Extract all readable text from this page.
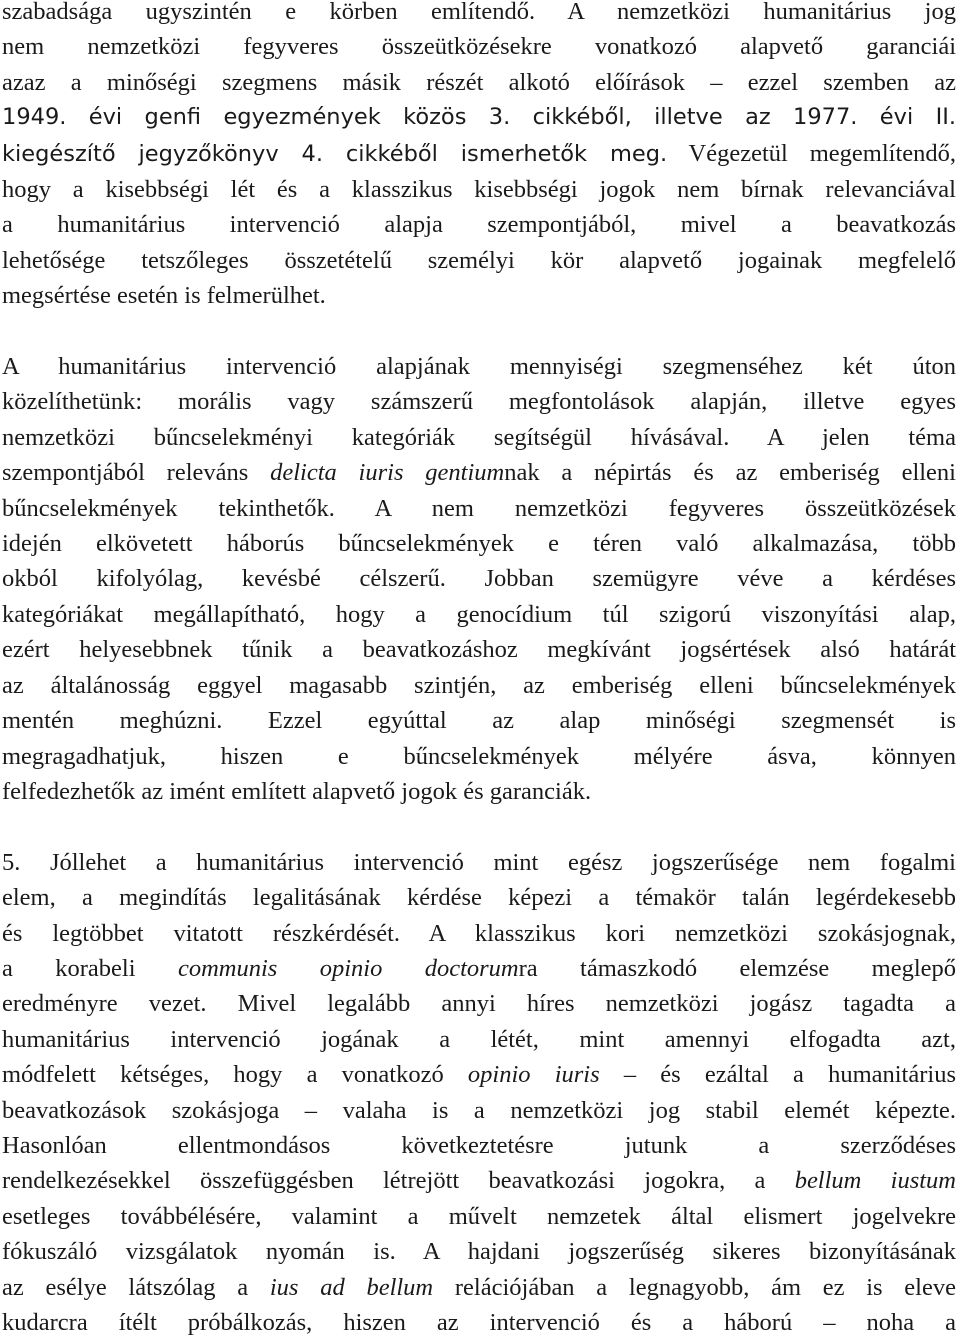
szabadsága ugyszintén e körben említendő. A nemzetközi humanitárius jog
nem nemzetközi fegyveres összeütközésekre vonatkozó alapvető garanciái
azaz a minőségi szegmens másik részét alkotó előírások – ezzel szemben az
1949. évi genfi egyezmények közös 3. cikkéből, illetve az 1977. évi II.
kiegészítő jegyzőkönyv 4. cikkéből ismerhetők meg. Végezetül megemlítendő,
hogy a kisebbségi lét és a klasszikus kisebbségi jogok nem bírnak relevanciával
a humanitárius intervenció alapja szempontjából, mivel a beavatkozás
lehetősége tetszőleges összetételű személyi kör alapvető jogainak megfelelő
megsértése esetén is felmerülhet.
A humanitárius intervenció alapjának mennyiségi szegmenséhez két úton
közelíthetünk: morális vagy számszerű megfontolások alapján, illetve egyes
nemzetközi bűncselekményi kategóriák segítségül hívásával. A jelen téma
szempontjából releváns delicta iuris gentiumnak a népirtás és az emberiség elleni
bűncselekmények tekinthetők. A nem nemzetközi fegyveres összeütközések
idején elkövetett háborús bűncselekmények e téren való alkalmazása, több
okból kifolyólag, kevésbé célszerű. Jobban szemügyre véve a kérdéses
kategóriákat megállapítható, hogy a genocídium túl szigorú viszonyítási alap,
ezért helyesebbnek tűnik a beavatkozáshoz megkívánt jogsértések alsó határát
az általánosság eggyel magasabb szintjén, az emberiség elleni bűncselekmények
mentén meghúzni. Ezzel egyúttal az alap minőségi szegmensét is
megragadhatjuk, hiszen e bűncselekmények mélyére ásva, könnyen
felfedezhetők az imént említett alapvető jogok és garanciák.
5. Jóllehet a humanitárius intervenció mint egész jogszerűsége nem fogalmi
elem, a megindítás legalitásának kérdése képezi a témakör talán legérdekesebb
és legtöbbet vitatott részkérdését. A klasszikus kori nemzetközi szokásjognak,
a korabeli communis opinio doctorumra támaszkodó elemzése meglepő
eredményre vezet. Mivel legalább annyi híres nemzetközi jogász tagadta a
humanitárius intervenció jogának a létét, mint amennyi elfogadta azt,
módfelett kétséges, hogy a vonatkozó opinio iuris – és ezáltal a humanitárius
beavatkozások szokásjoga – valaha is a nemzetközi jog stabil elemét képezte.
Hasonlóan ellentmondásos következtetésre jutunk a szerződéses
rendelkezésekkel összefüggésben létrejött beavatkozási jogokra, a bellum iustum
esetleges továbbélésére, valamint a művelt nemzetek által elismert jogelvekre
fókuszáló vizsgálatok nyomán is. A hajdani jogszerűség sikeres bizonyításának
az esélye látszólag a ius ad bellum relációjában a legnagyobb, ám ez is eleve
kudarcra ítélt próbálkozás, hiszen az intervenció és a háború – noha a
